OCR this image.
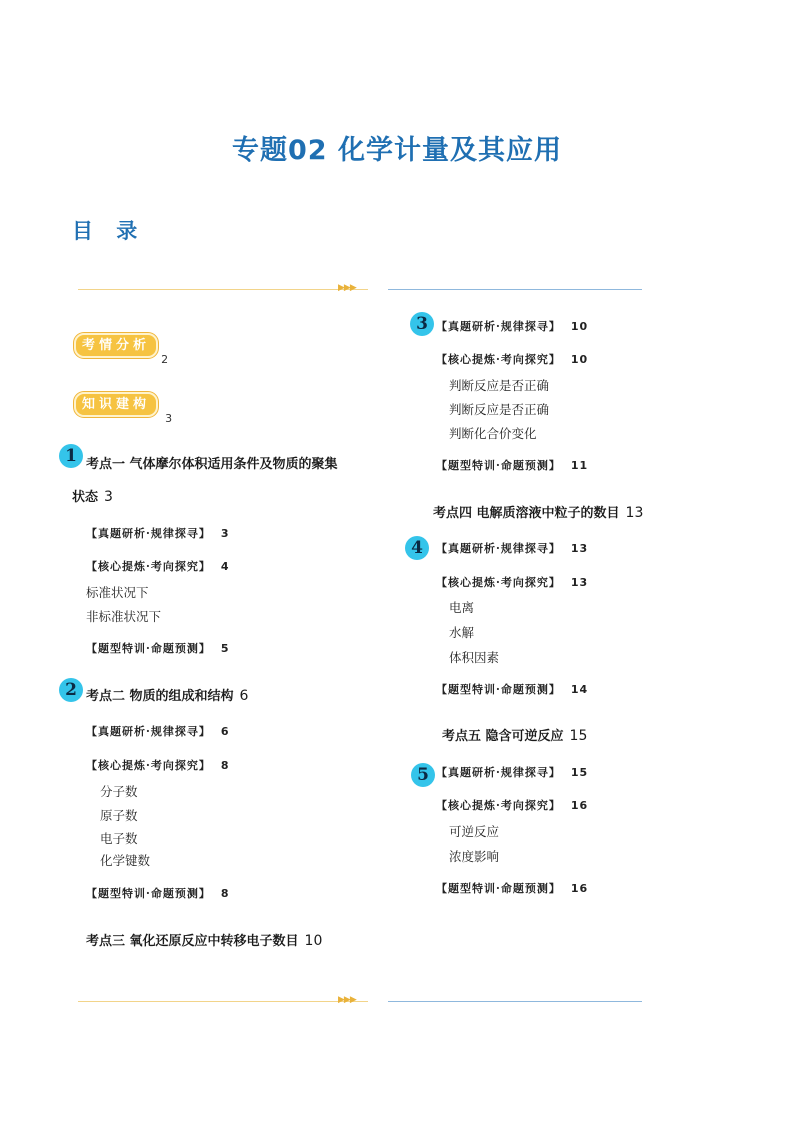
专题02 化学计量及其应用
目 录
▶▶▶
考情分析 $_2$
知识建构 $_3$
1 考点一 气体摩尔体积适用条件及物质的聚集
状态 3
【真题研析·规律探寻】 3
【核心提炼·考向探究】 4
标准状况下
非标准状况下
【题型特训·命题预测】 5
2 考点二 物质的组成和结构 6
【真题研析·规律探寻】 6
【核心提炼·考向探究】 8
分子数
原子数
电子数
化学键数
【题型特训·命题预测】 8
考点三 氧化还原反应中转移电子数目 10
3 【真题研析·规律探寻】 10
【核心提炼·考向探究】 10
判断反应是否正确
判断反应是否正确
判断化合价变化
【题型特训·命题预测】 11
考点四 电解质溶液中粒子的数目 13
4	【真题研析·规律探寻】 13
【核心提炼·考向探究】 13
电离
水解
体积因素
【题型特训·命题预测】 14
考点五 隐含可逆反应 15
5 【真题研析·规律探寻】 15
【核心提炼·考向探究】 16
可逆反应
浓度影响
【题型特训·命题预测】 16
▶▶▶
